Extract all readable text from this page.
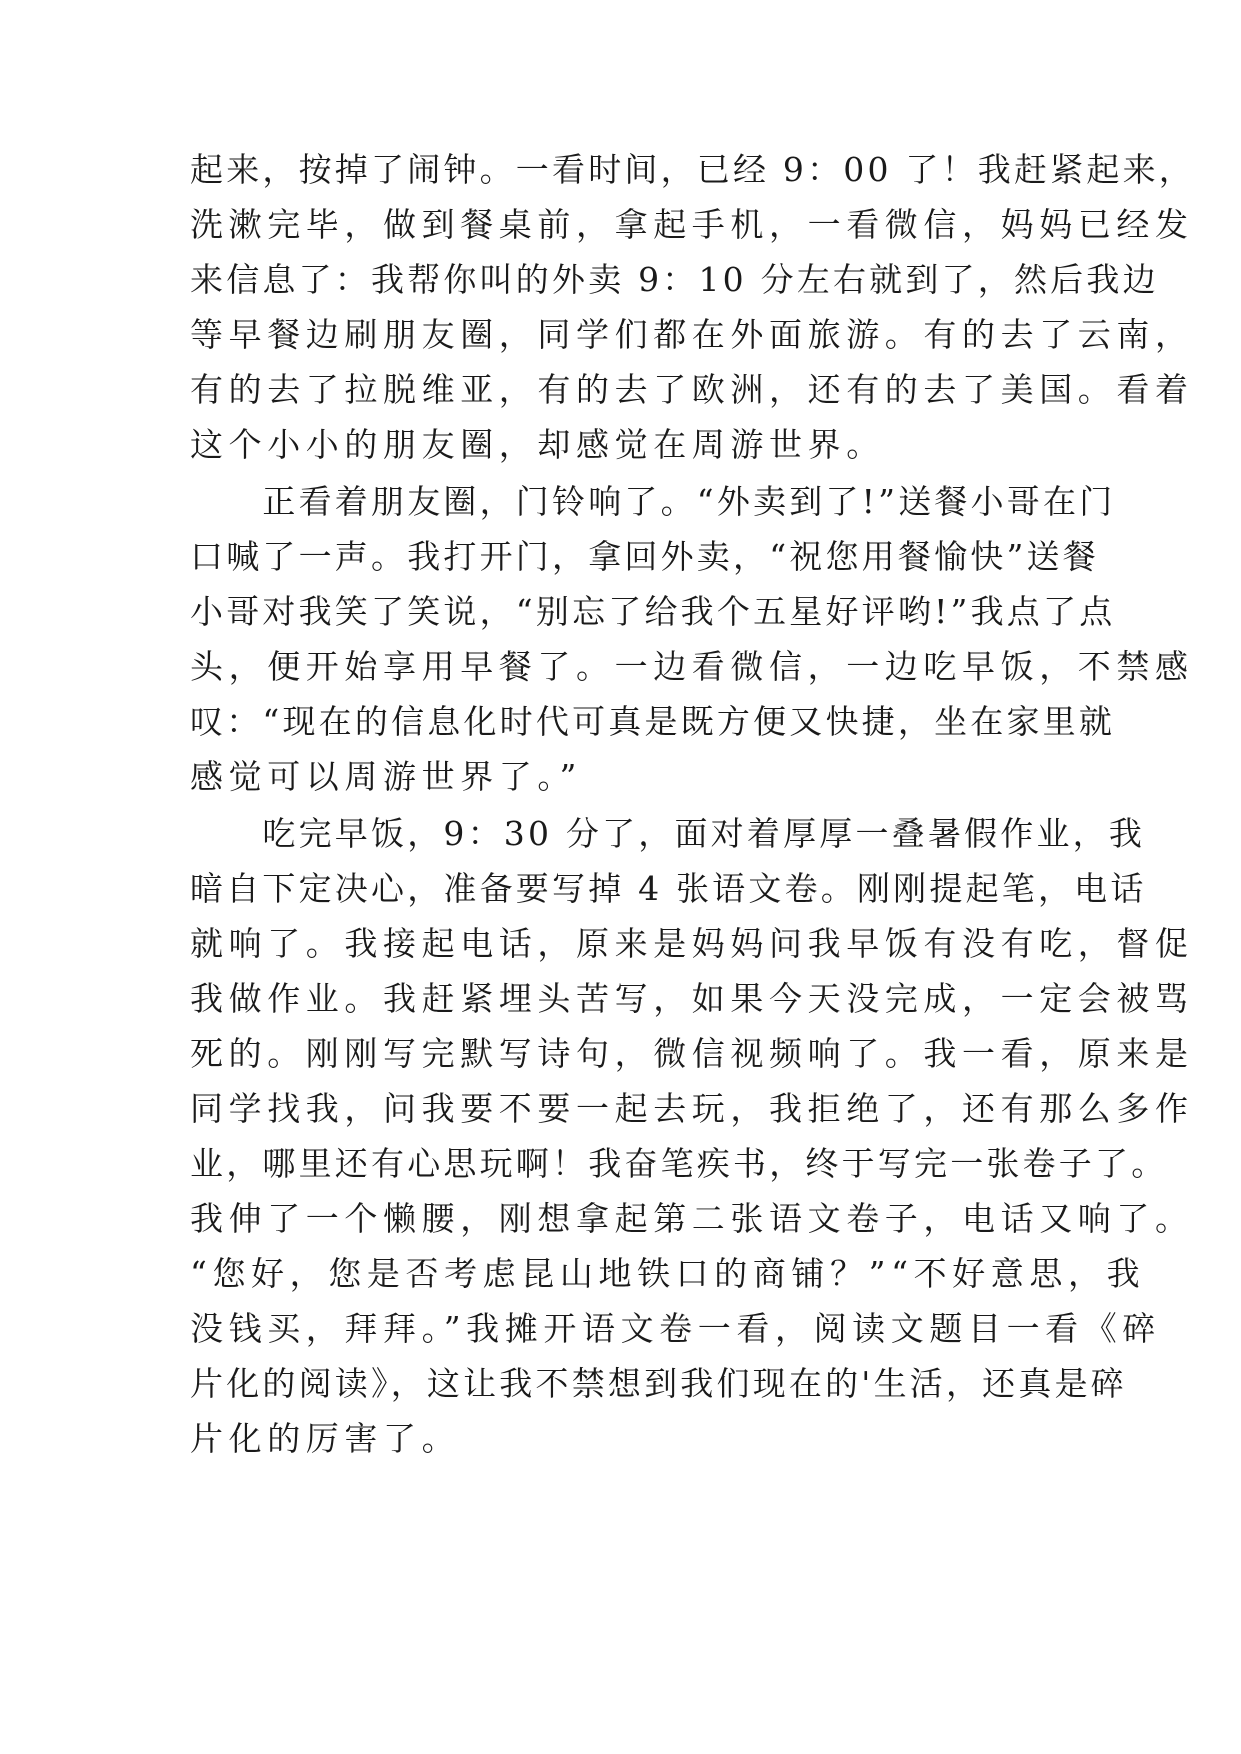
起来，按掉了闹钟。一看时间，已经 9：00 了！我赶紧起来，
洗漱完毕，做到餐桌前，拿起手机，一看微信，妈妈已经发
来信息了：我帮你叫的外卖 9：10 分左右就到了，然后我边
等早餐边刷朋友圈，同学们都在外面旅游。有的去了云南，
有的去了拉脱维亚，有的去了欧洲，还有的去了美国。看着
这个小小的朋友圈，却感觉在周游世界。
　　正看着朋友圈，门铃响了。“外卖到了!”送餐小哥在门
口喊了一声。我打开门，拿回外卖，“祝您用餐愉快”送餐
小哥对我笑了笑说，“别忘了给我个五星好评哟!”我点了点
头，便开始享用早餐了。一边看微信，一边吃早饭，不禁感
叹：“现在的信息化时代可真是既方便又快捷，坐在家里就
感觉可以周游世界了。”
　　吃完早饭，9：30 分了，面对着厚厚一叠暑假作业，我
暗自下定决心，准备要写掉 4 张语文卷。刚刚提起笔，电话
就响了。我接起电话，原来是妈妈问我早饭有没有吃，督促
我做作业。我赶紧埋头苦写，如果今天没完成，一定会被骂
死的。刚刚写完默写诗句，微信视频响了。我一看，原来是
同学找我，问我要不要一起去玩，我拒绝了，还有那么多作
业，哪里还有心思玩啊！我奋笔疾书，终于写完一张卷子了。
我伸了一个懒腰，刚想拿起第二张语文卷子，电话又响了。
“您好，您是否考虑昆山地铁口的商铺？”“不好意思，我
没钱买，拜拜。”我摊开语文卷一看，阅读文题目一看《碎
片化的阅读》，这让我不禁想到我们现在的'生活，还真是碎
片化的厉害了。
